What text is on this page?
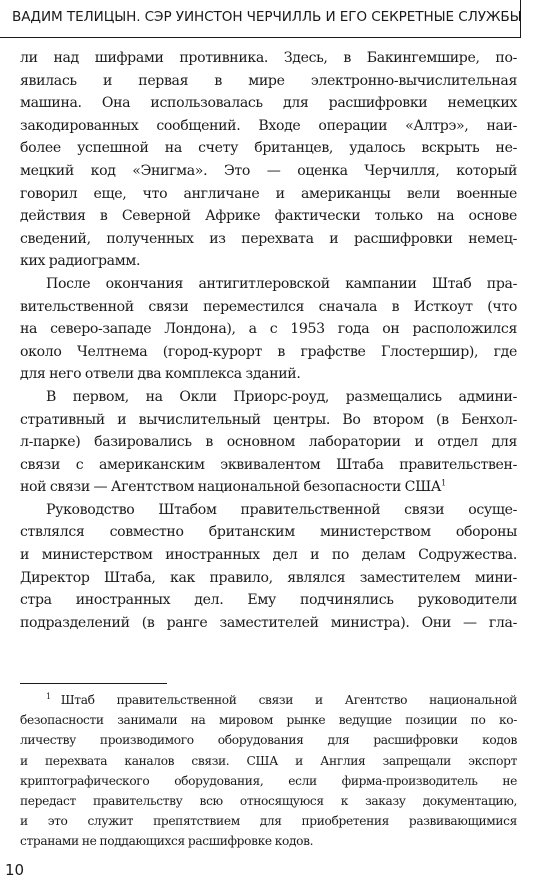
ВАДИМ ТЕЛИЦЫН. СЭР УИНСТОН ЧЕРЧИЛЛЬ И ЕГО СЕКРЕТНЫЕ СЛУЖБЫ

ли над шифрами противника. Здесь, в Бакингемшире, по-
явилась и первая в мире электронно-вычислительная
машина. Она использовалась для расшифровки немецких
закодированных сообщений. Входе операции «Алтрэ», наи-
более успешной на счету британцев, удалось вскрыть не-
мецкий код «Энигма». Это — оценка Черчилля, который
говорил еще, что англичане и американцы вели военные
действия в Северной Африке фактически только на основе
сведений, полученных из перехвата и расшифровки немец-
ких радиограмм.

После окончания антигитлеровской кампании Штаб пра-
вительственной связи переместился сначала в Исткоут (что
на северо-западе Лондона), а с 1953 года он расположился
около Челтнема (город-курорт в графстве Глостершир), где
для него отвели два комплекса зданий.

В первом, на Окли Приорс-роуд, размещались админи-
стративный и вычислительный центры. Во втором (в Бенхол-
л-парке) базировались в основном лаборатории и отдел для
связи с американским эквивалентом Штаба правительствен-
ной связи — Агентством национальной безопасности США$^1$

Руководство Штабом правительственной связи осуще-
ствлялся совместно британским министерством обороны
и министерством иностранных дел и по делам Содружества.
Директор Штаба, как правило, являлся заместителем мини-
стра иностранных дел. Ему подчинялись руководители
подразделений (в ранге заместителей министра). Они — гла-

$^1$ Штаб правительственной связи и Агентство национальной
безопасности занимали на мировом рынке ведущие позиции по ко-
личеству производимого оборудования для расшифровки кодов
и перехвата каналов связи. США и Англия запрещали экспорт
криптографического оборудования, если фирма-производитель не
передаст правительству всю относящуюся к заказу документацию,
и это служит препятствием для приобретения развивающимися
странами не поддающихся расшифровке кодов.
10
